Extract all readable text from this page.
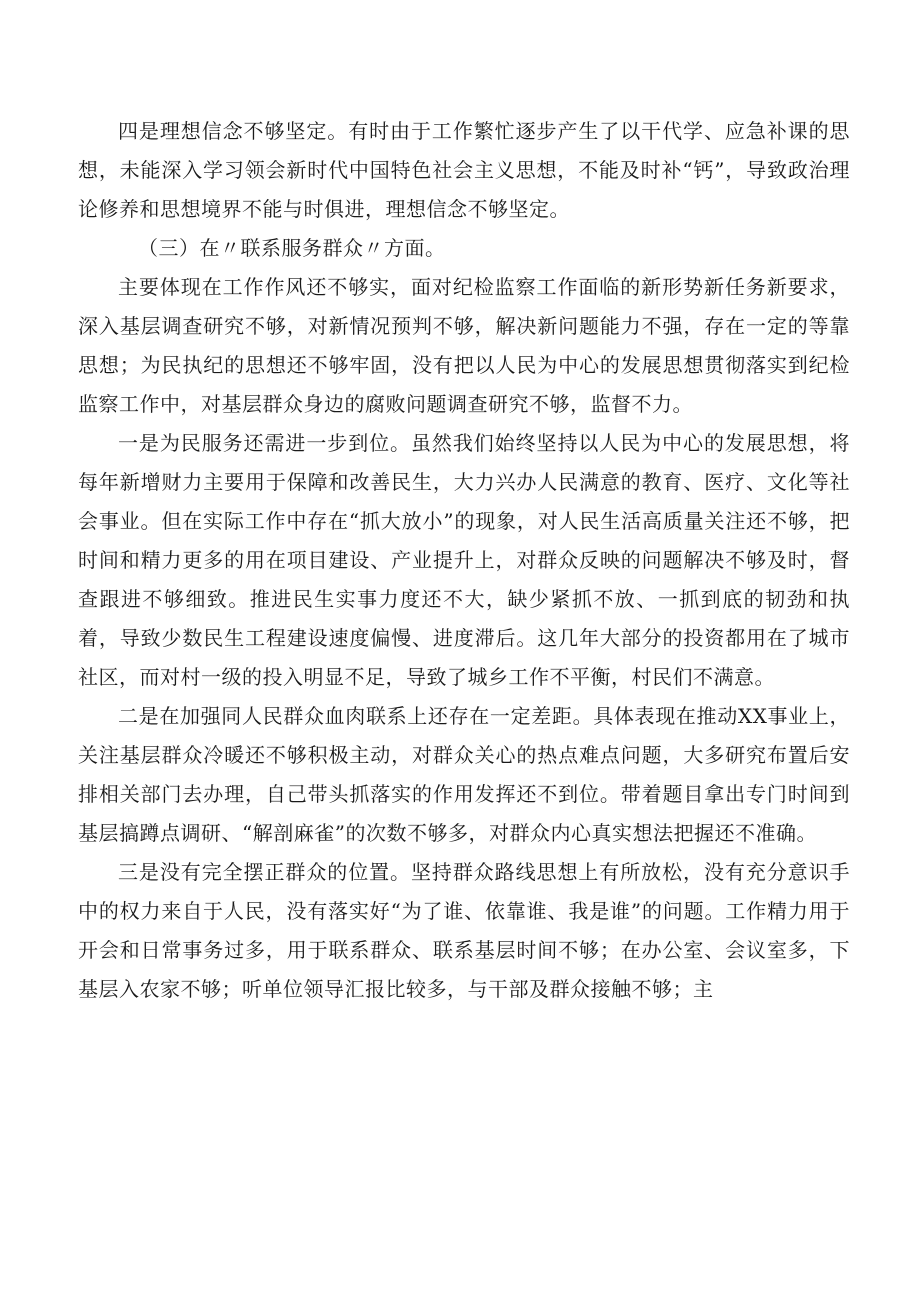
四是理想信念不够坚定。有时由于工作繁忙逐步产生了以干代学、应急补课的思想，未能深入学习领会新时代中国特色社会主义思想，不能及时补“钙”，导致政治理论修养和思想境界不能与时俱进，理想信念不够坚定。

（三）在〃联系服务群众〃方面。

主要体现在工作作风还不够实，面对纪检监察工作面临的新形势新任务新要求，深入基层调查研究不够，对新情况预判不够，解决新问题能力不强，存在一定的等靠思想；为民执纪的思想还不够牢固，没有把以人民为中心的发展思想贯彻落实到纪检监察工作中，对基层群众身边的腐败问题调查研究不够，监督不力。

一是为民服务还需进一步到位。虽然我们始终坚持以人民为中心的发展思想，将每年新增财力主要用于保障和改善民生，大力兴办人民满意的教育、医疗、文化等社会事业。但在实际工作中存在“抓大放小”的现象，对人民生活高质量关注还不够，把时间和精力更多的用在项目建设、产业提升上，对群众反映的问题解决不够及时，督查跟进不够细致。推进民生实事力度还不大，缺少紧抓不放、一抓到底的韧劲和执着，导致少数民生工程建设速度偏慢、进度滞后。这几年大部分的投资都用在了城市社区，而对村一级的投入明显不足，导致了城乡工作不平衡，村民们不满意。

二是在加强同人民群众血肉联系上还存在一定差距。具体表现在推动XX事业上，关注基层群众冷暖还不够积极主动，对群众关心的热点难点问题，大多研究布置后安排相关部门去办理，自己带头抓落实的作用发挥还不到位。带着题目拿出专门时间到基层搞蹲点调研、“解剖麻雀”的次数不够多，对群众内心真实想法把握还不准确。

三是没有完全摆正群众的位置。坚持群众路线思想上有所放松，没有充分意识手中的权力来自于人民，没有落实好“为了谁、依靠谁、我是谁”的问题。工作精力用于开会和日常事务过多，用于联系群众、联系基层时间不够；在办公室、会议室多，下基层入农家不够；听单位领导汇报比较多，与干部及群众接触不够；主
